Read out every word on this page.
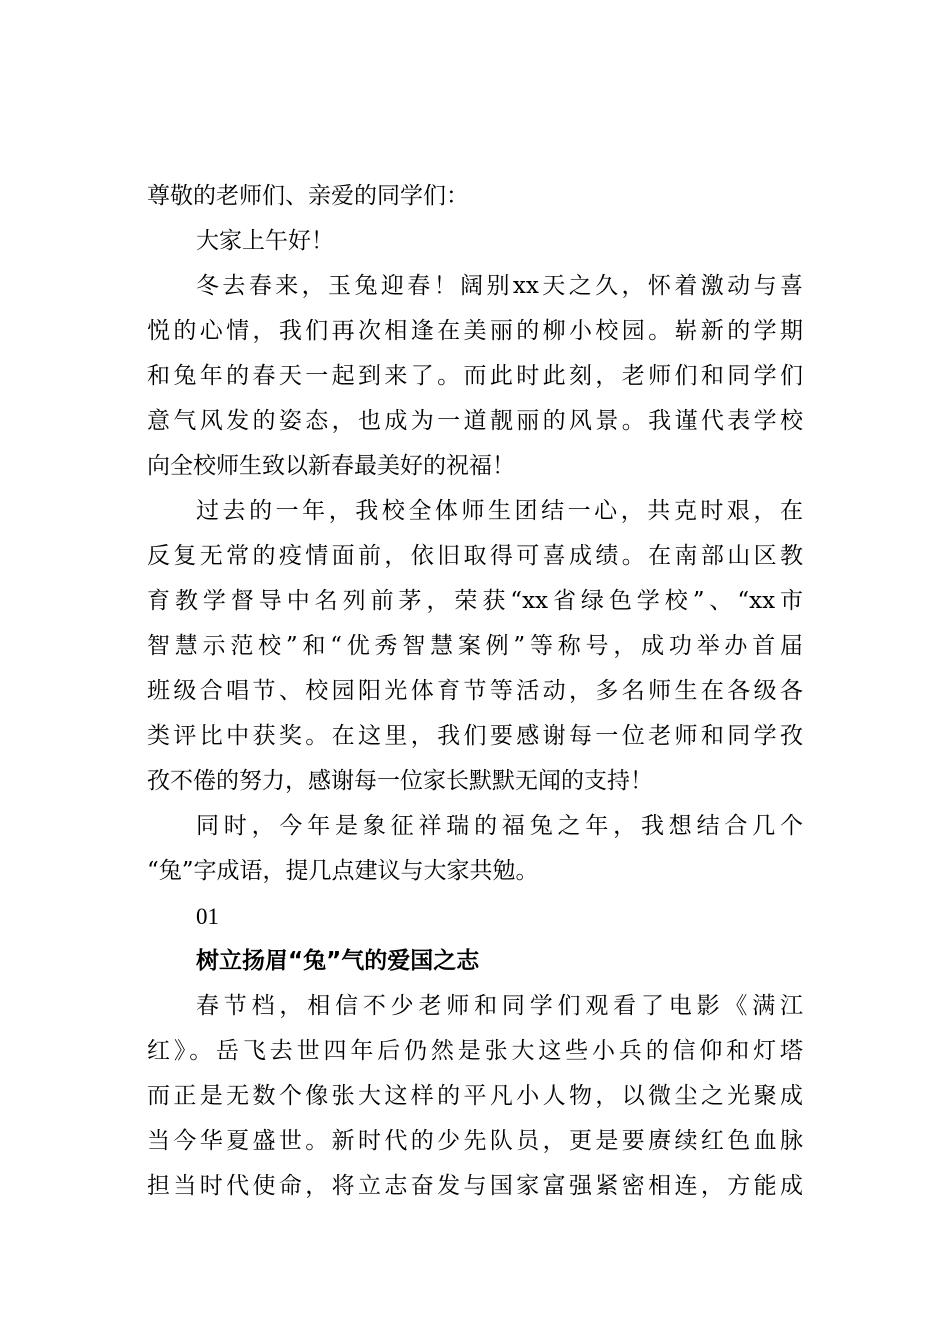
尊敬的老师们、亲爱的同学们：
大家上午好！
冬去春来，玉兔迎春！阔别xx天之久，怀着激动与喜
悦的心情，我们再次相逢在美丽的柳小校园。崭新的学期
和兔年的春天一起到来了。而此时此刻，老师们和同学们
意气风发的姿态，也成为一道靓丽的风景。我谨代表学校
向全校师生致以新春最美好的祝福！
过去的一年，我校全体师生团结一心，共克时艰，在
反复无常的疫情面前，依旧取得可喜成绩。在南部山区教
育教学督导中名列前茅，荣获“xx省绿色学校”、“xx市
智慧示范校”和“优秀智慧案例”等称号，成功举办首届
班级合唱节、校园阳光体育节等活动，多名师生在各级各
类评比中获奖。在这里，我们要感谢每一位老师和同学孜
孜不倦的努力，感谢每一位家长默默无闻的支持！
同时，今年是象征祥瑞的福兔之年，我想结合几个
“兔”字成语，提几点建议与大家共勉。
01
树立扬眉“兔”气的爱国之志
春节档，相信不少老师和同学们观看了电影《满江
红》。岳飞去世四年后仍然是张大这些小兵的信仰和灯塔
而正是无数个像张大这样的平凡小人物，以微尘之光聚成
当今华夏盛世。新时代的少先队员，更是要赓续红色血脉
担当时代使命，将立志奋发与国家富强紧密相连，方能成
